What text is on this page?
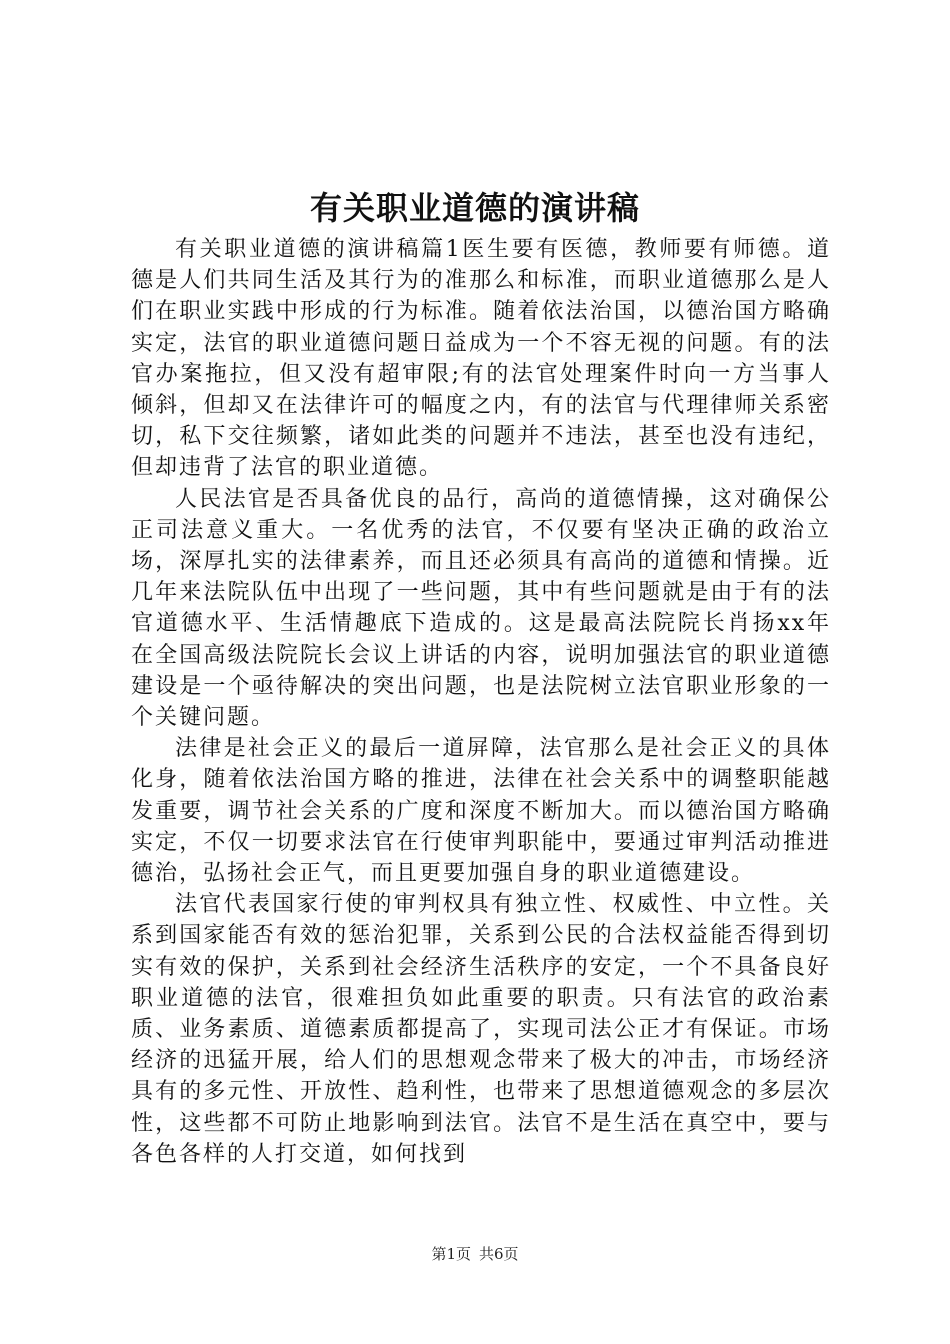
有关职业道德的演讲稿

有关职业道德的演讲稿篇1医生要有医德，教师要有师德。道德是人们共同生活及其行为的准那么和标准，而职业道德那么是人们在职业实践中形成的行为标准。随着依法治国，以德治国方略确实定，法官的职业道德问题日益成为一个不容无视的问题。有的法官办案拖拉，但又没有超审限;有的法官处理案件时向一方当事人倾斜，但却又在法律许可的幅度之内，有的法官与代理律师关系密切，私下交往频繁，诸如此类的问题并不违法，甚至也没有违纪，但却违背了法官的职业道德。

人民法官是否具备优良的品行，高尚的道德情操，这对确保公正司法意义重大。一名优秀的法官，不仅要有坚决正确的政治立场，深厚扎实的法律素养，而且还必须具有高尚的道德和情操。近几年来法院队伍中出现了一些问题，其中有些问题就是由于有的法官道德水平、生活情趣底下造成的。这是最高法院院长肖扬xx年在全国高级法院院长会议上讲话的内容，说明加强法官的职业道德建设是一个亟待解决的突出问题，也是法院树立法官职业形象的一个关键问题。

法律是社会正义的最后一道屏障，法官那么是社会正义的具体化身，随着依法治国方略的推进，法律在社会关系中的调整职能越发重要，调节社会关系的广度和深度不断加大。而以德治国方略确实定，不仅一切要求法官在行使审判职能中，要通过审判活动推进德治，弘扬社会正气，而且更要加强自身的职业道德建设。

法官代表国家行使的审判权具有独立性、权威性、中立性。关系到国家能否有效的惩治犯罪，关系到公民的合法权益能否得到切实有效的保护，关系到社会经济生活秩序的安定，一个不具备良好职业道德的法官，很难担负如此重要的职责。只有法官的政治素质、业务素质、道德素质都提高了，实现司法公正才有保证。市场经济的迅猛开展，给人们的思想观念带来了极大的冲击，市场经济具有的多元性、开放性、趋利性，也带来了思想道德观念的多层次性，这些都不可防止地影响到法官。法官不是生活在真空中，要与各色各样的人打交道，如何找到

第1页 共6页
